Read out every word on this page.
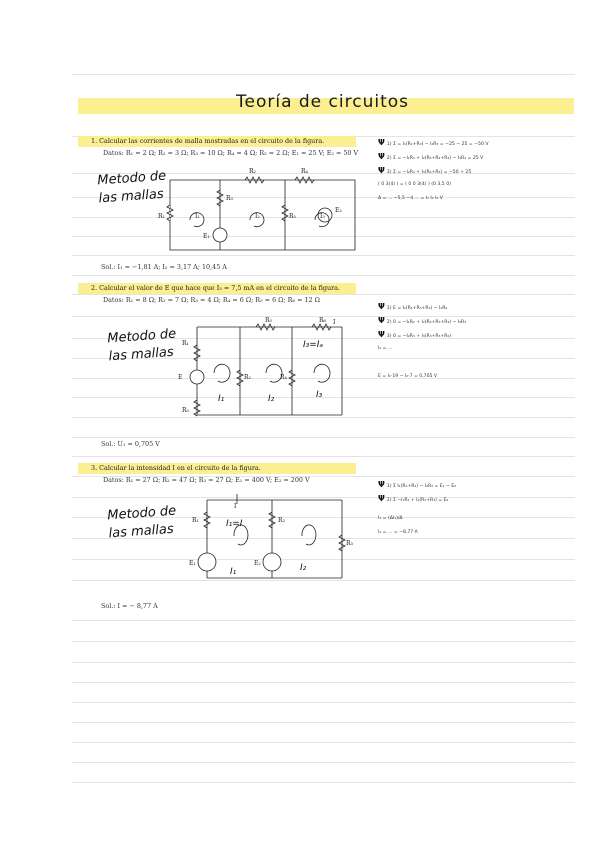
Teoría de circuitos
1. Calcular las corrientes de malla mostradas en el circuito de la figura.
Datos: R₁ = 2 Ω; R₂ = 3 Ω; R₃ = 10 Ω; R₄ = 4 Ω; R₅ = 2 Ω; E₁ = 25 V; E₂ = 50 V
Metodo de
las mallas
R₁
R₃
R₂	R₄
R₅
E₁
E₂
I₁	I₂	I₃
Sol.: I₁ = −1,81 A; I₂ = 3,17 A; 10,45 A
Ψ 1) Σ = I₁(R₁+R₃) − I₂R₃ = −25 − 25 = −50 V
Ψ 2) Σ = −I₁R₃ + I₂(R₃+R₂+R₄) − I₃R₄ = 25 V
Ψ 3) Σ = −I₂R₄ + I₃(R₄+R₅) = −50 + 25
( 0 3(4) ) = ( 0 0 3(4) ) (0 3,5 0)
Δ = ... −5,5 −4 ... = I₁ I₂ I₃ V
2. Calcular el valor de E que hace que I₃ = 7,5 mA en el circuito de la figura.
Datos: R₁ = 8 Ω; R₂ = 7 Ω; R₃ = 4 Ω; R₄ = 6 Ω; R₅ = 6 Ω; R₆ = 12 Ω
Metodo de
las mallas
R₁
R₃
E	R₂	R₄
R₅	R₆ I
I₁	I₂	I₃
I₃=Iₐ
Sol.: U₁ = 0,705 V
Ψ 1) E = I₁(R₁+R₃+R₂) − I₂R₂
Ψ 2) 0 = −I₁R₂ + I₂(R₂+R₃+R₄) − I₃R₃
Ψ 3) 0 = −I₂R₃ + I₃(R₃+R₅+R₆)
I₂ = ...
E = I₁·19 − I₂·7 = 0,705 V
3. Calcular la intensidad I en el circuito de la figura.
Datos: R₁ = 27 Ω; R₂ = 47 Ω; R₃ = 27 Ω; E₁ = 400 V; E₂ = 200 V
Metodo de
las mallas
R₁	R₂
R₃
E₁	E₂
I
I₁	I₂
I₁=I
Sol.: I = − 8,77 A
Ψ 1) Σ I₁(R₁+R₂) − I₂R₂ = E₁ − E₂
Ψ 2) Σ −I₁R₂ + I₂(R₂+R₃) = E₂
I₁ = (ΔI₁)/Δ
I₁ = ... = −8,77 A
